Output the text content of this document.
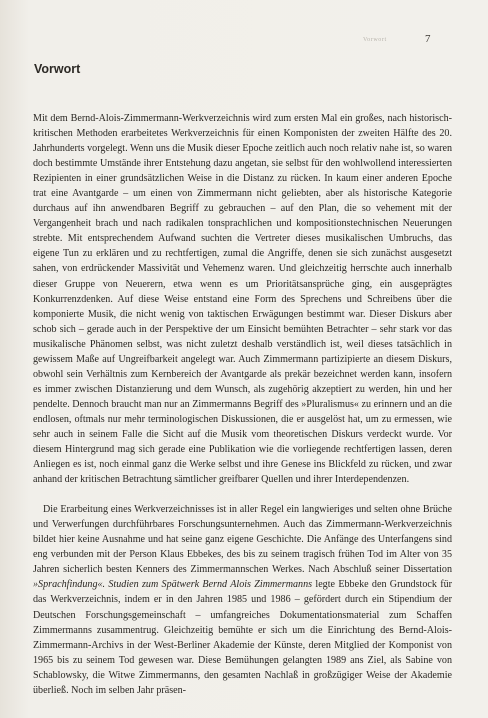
Vorwort	7
Vorwort

Mit dem Bernd-Alois-Zimmermann-Werkverzeichnis wird zum ersten Mal ein großes, nach historisch-kritischen Methoden erarbeitetes Werkverzeichnis für einen Komponisten der zweiten Hälfte des 20. Jahrhunderts vorgelegt. Wenn uns die Musik dieser Epoche zeitlich auch noch relativ nahe ist, so waren doch bestimmte Umstände ihrer Entstehung dazu angetan, sie selbst für den wohlwollend interessierten Rezipienten in einer grundsätzlichen Weise in die Distanz zu rücken. In kaum einer anderen Epoche trat eine Avantgarde – um einen von Zimmermann nicht geliebten, aber als historische Kategorie durchaus auf ihn anwendbaren Begriff zu gebrauchen – auf den Plan, die so vehement mit der Vergangenheit brach und nach radikalen tonsprachlichen und kompositionstechnischen Neuerungen strebte. Mit entsprechendem Aufwand suchten die Vertreter dieses musikalischen Umbruchs, das eigene Tun zu erklären und zu rechtfertigen, zumal die Angriffe, denen sie sich zunächst ausgesetzt sahen, von erdrückender Massivität und Vehemenz waren. Und gleichzeitig herrschte auch innerhalb dieser Gruppe von Neuerern, etwa wenn es um Prioritätsansprüche ging, ein ausgeprägtes Konkurrenzdenken. Auf diese Weise entstand eine Form des Sprechens und Schreibens über die komponierte Musik, die nicht wenig von taktischen Erwägungen bestimmt war. Dieser Diskurs aber schob sich – gerade auch in der Perspektive der um Einsicht bemühten Betrachter – sehr stark vor das musikalische Phänomen selbst, was nicht zuletzt deshalb verständlich ist, weil dieses tatsächlich in gewissem Maße auf Ungreifbarkeit angelegt war. Auch Zimmermann partizipierte an diesem Diskurs, obwohl sein Verhältnis zum Kernbereich der Avantgarde als prekär bezeichnet werden kann, insofern es immer zwischen Distanzierung und dem Wunsch, als zugehörig akzeptiert zu werden, hin und her pendelte. Dennoch braucht man nur an Zimmermanns Begriff des »Pluralismus« zu erinnern und an die endlosen, oftmals nur mehr terminologischen Diskussionen, die er ausgelöst hat, um zu ermessen, wie sehr auch in seinem Falle die Sicht auf die Musik vom theoretischen Diskurs verdeckt wurde. Vor diesem Hintergrund mag sich gerade eine Publikation wie die vorliegende rechtfertigen lassen, deren Anliegen es ist, noch einmal ganz die Werke selbst und ihre Genese ins Blickfeld zu rücken, und zwar anhand der kritischen Betrachtung sämtlicher greifbarer Quellen und ihrer Interdependenzen.

Die Erarbeitung eines Werkverzeichnisses ist in aller Regel ein langwieriges und selten ohne Brüche und Verwerfungen durchführbares Forschungsunternehmen. Auch das Zimmermann-Werkverzeichnis bildet hier keine Ausnahme und hat seine ganz eigene Geschichte. Die Anfänge des Unterfangens sind eng verbunden mit der Person Klaus Ebbekes, des bis zu seinem tragisch frühen Tod im Alter von 35 Jahren sicherlich besten Kenners des Zimmermannschen Werkes. Nach Abschluß seiner Dissertation »Sprachfindung«. Studien zum Spätwerk Bernd Alois Zimmermanns legte Ebbeke den Grundstock für das Werkverzeichnis, indem er in den Jahren 1985 und 1986 – gefördert durch ein Stipendium der Deutschen Forschungsgemeinschaft – umfangreiches Dokumentationsmaterial zum Schaffen Zimmermanns zusammentrug. Gleichzeitig bemühte er sich um die Einrichtung des Bernd-Alois-Zimmermann-Archivs in der West-Berliner Akademie der Künste, deren Mitglied der Komponist von 1965 bis zu seinem Tod gewesen war. Diese Bemühungen gelangten 1989 ans Ziel, als Sabine von Schablowsky, die Witwe Zimmermanns, den gesamten Nachlaß in großzügiger Weise der Akademie überließ. Noch im selben Jahr präsen-
